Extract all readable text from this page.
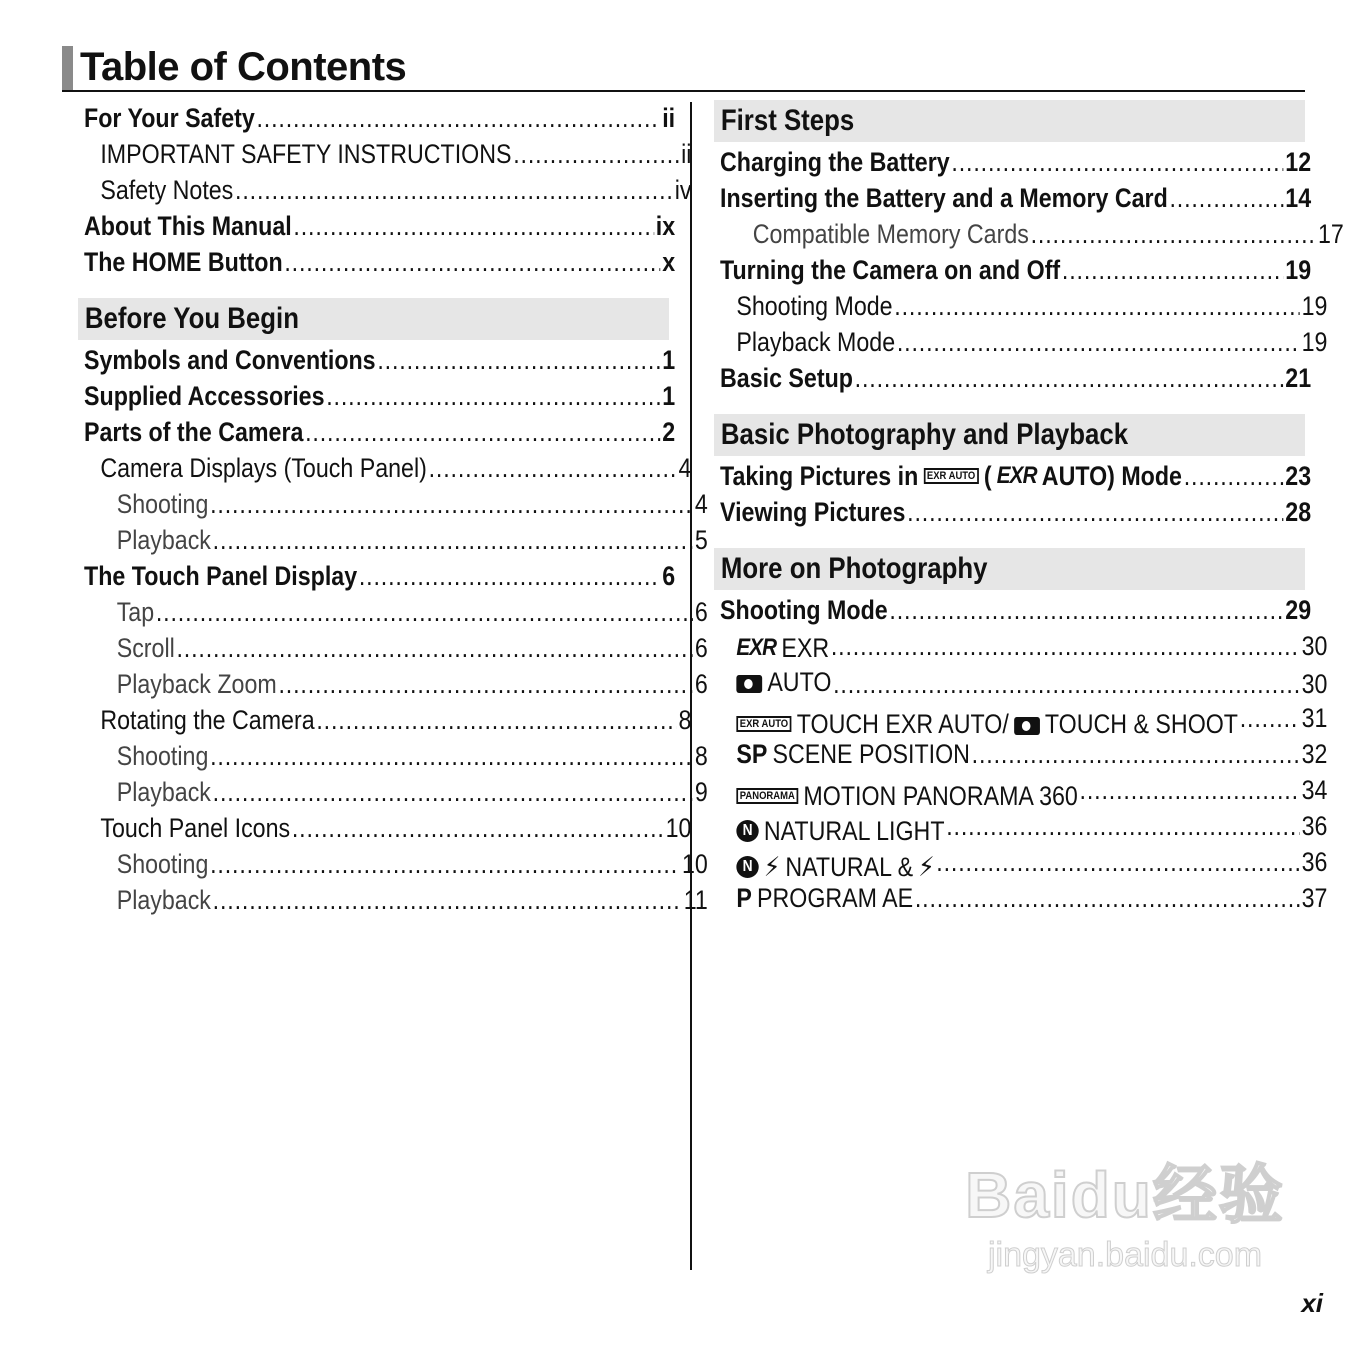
Table of Contents
For Your Safety .....	ii
IMPORTANT SAFETY INSTRUCTIONS .....	ii
Safety Notes .....	iv
About This Manual .....	ix
The HOME Button .....	x
Before You Begin
Symbols and Conventions .....	1
Supplied Accessories .....	1
Parts of the Camera .....	2
Camera Displays (Touch Panel) .....	4
Shooting .....	4
Playback .....	5
The Touch Panel Display .....	6
Tap .....	6
Scroll .....	6
Playback Zoom .....	6
Rotating the Camera .....	8
Shooting .....	8
Playback .....	9
Touch Panel Icons .....	10
Shooting .....	10
Playback .....	11
First Steps
Charging the Battery .....	12
Inserting the Battery and a Memory Card .....	14
Compatible Memory Cards .....	17
Turning the Camera on and Off .....	19
Shooting Mode .....	19
Playback Mode .....	19
Basic Setup .....	21
Basic Photography and Playback
Taking Pictures in EXR AUTO ( EXR AUTO) Mode .....	23
Viewing Pictures .....	28
More on Photography
Shooting Mode .....	29
EXR EXR .....	30
AUTO .....	30
EXR AUTO TOUCH EXR AUTO/ TOUCH & SHOOT ..... 31
SP SCENE POSITION .....	32
PANORAMA MOTION PANORAMA 360 .....	34
N NATURAL LIGHT .....	36
N ⚡ NATURAL & ⚡ .....	36
P PROGRAM AE .....	37
Baidu经验
jingyan.baidu.com

xi
